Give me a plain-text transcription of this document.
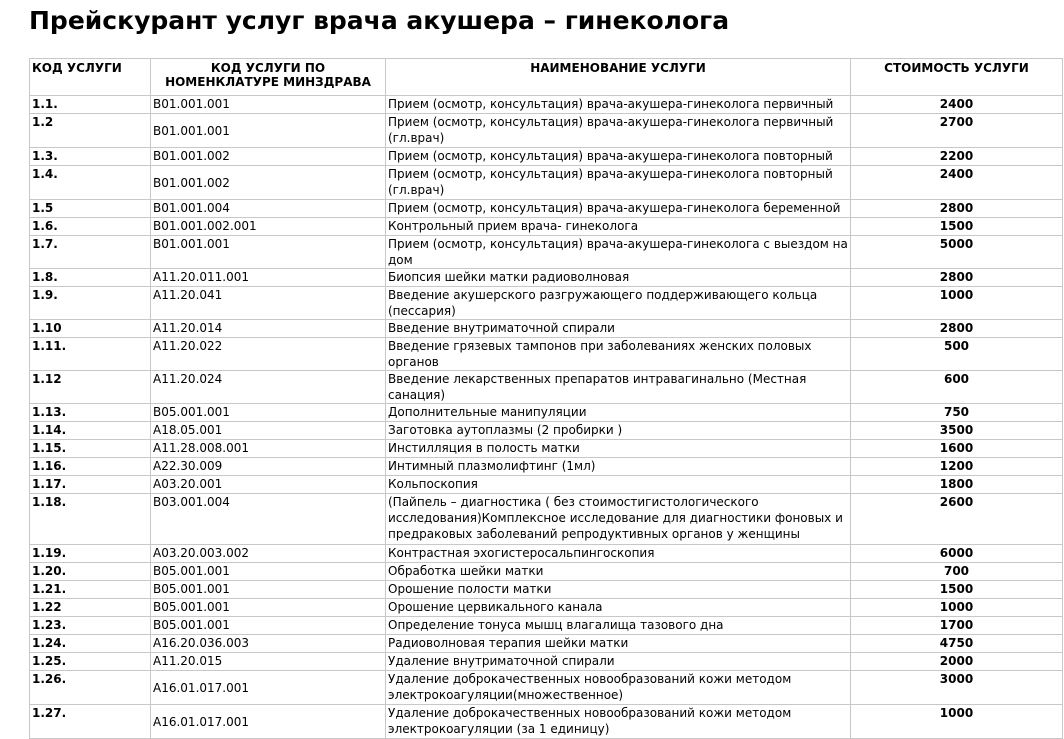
Прейскурант услуг врача акушера – гинеколога
КОД УСЛУГИ	КОД УСЛУГИ ПО НОМЕНКЛАТУРЕ МИНЗДРАВА	НАИМЕНОВАНИЕ УСЛУГИ	СТОИМОСТЬ УСЛУГИ
1.1.	B01.001.001	Прием (осмотр, консультация) врача-акушера-гинеколога первичный	2400
1.2	B01.001.001	Прием (осмотр, консультация) врача-акушера-гинеколога первичный (гл.врач)	2700
1.3.	B01.001.002	Прием (осмотр, консультация) врача-акушера-гинеколога повторный	2200
1.4.	B01.001.002	Прием (осмотр, консультация) врача-акушера-гинеколога повторный (гл.врач)	2400
1.5	B01.001.004	Прием (осмотр, консультация) врача-акушера-гинеколога беременной	2800
1.6.	B01.001.002.001	Контрольный прием врача- гинеколога	1500
1.7.	B01.001.001	Прием (осмотр, консультация) врача-акушера-гинеколога с выездом на дом	5000
1.8.	A11.20.011.001	Биопсия шейки матки радиоволновая	2800
1.9.	A11.20.041	Введение акушерского разгружающего поддерживающего кольца (пессария)	1000
1.10	A11.20.014	Введение внутриматочной спирали	2800
1.11.	A11.20.022	Введение грязевых тампонов при заболеваниях женских половых органов	500
1.12	A11.20.024	Введение лекарственных препаратов интравагинально (Местная санация)	600
1.13.	B05.001.001	Дополнительные манипуляции	750
1.14.	A18.05.001	Заготовка аутоплазмы (2 пробирки )	3500
1.15.	A11.28.008.001	Инстилляция в полость матки	1600
1.16.	A22.30.009	Интимный плазмолифтинг (1мл)	1200
1.17.	A03.20.001	Кольпоскопия	1800
1.18.	B03.001.004	(Пайпель – диагностика ( без стоимостигистологического исследования)Комплексное исследование для диагностики фоновых и предраковых заболеваний репродуктивных органов у женщины	2600
1.19.	A03.20.003.002	Контрастная эхогистеросальпингоскопия	6000
1.20.	B05.001.001	Обработка шейки матки	700
1.21.	B05.001.001	Орошение полости матки	1500
1.22	B05.001.001	Орошение цервикального канала	1000
1.23.	B05.001.001	Определение тонуса мышц влагалища тазового дна	1700
1.24.	A16.20.036.003	Радиоволновая терапия шейки матки	4750
1.25.	A11.20.015	Удаление внутриматочной спирали	2000
1.26.	A16.01.017.001	Удаление доброкачественных новообразований кожи методом электрокоагуляции(множественное)	3000
1.27.	A16.01.017.001	Удаление доброкачественных новообразований кожи методом электрокоагуляции (за 1 единицу)	1000
